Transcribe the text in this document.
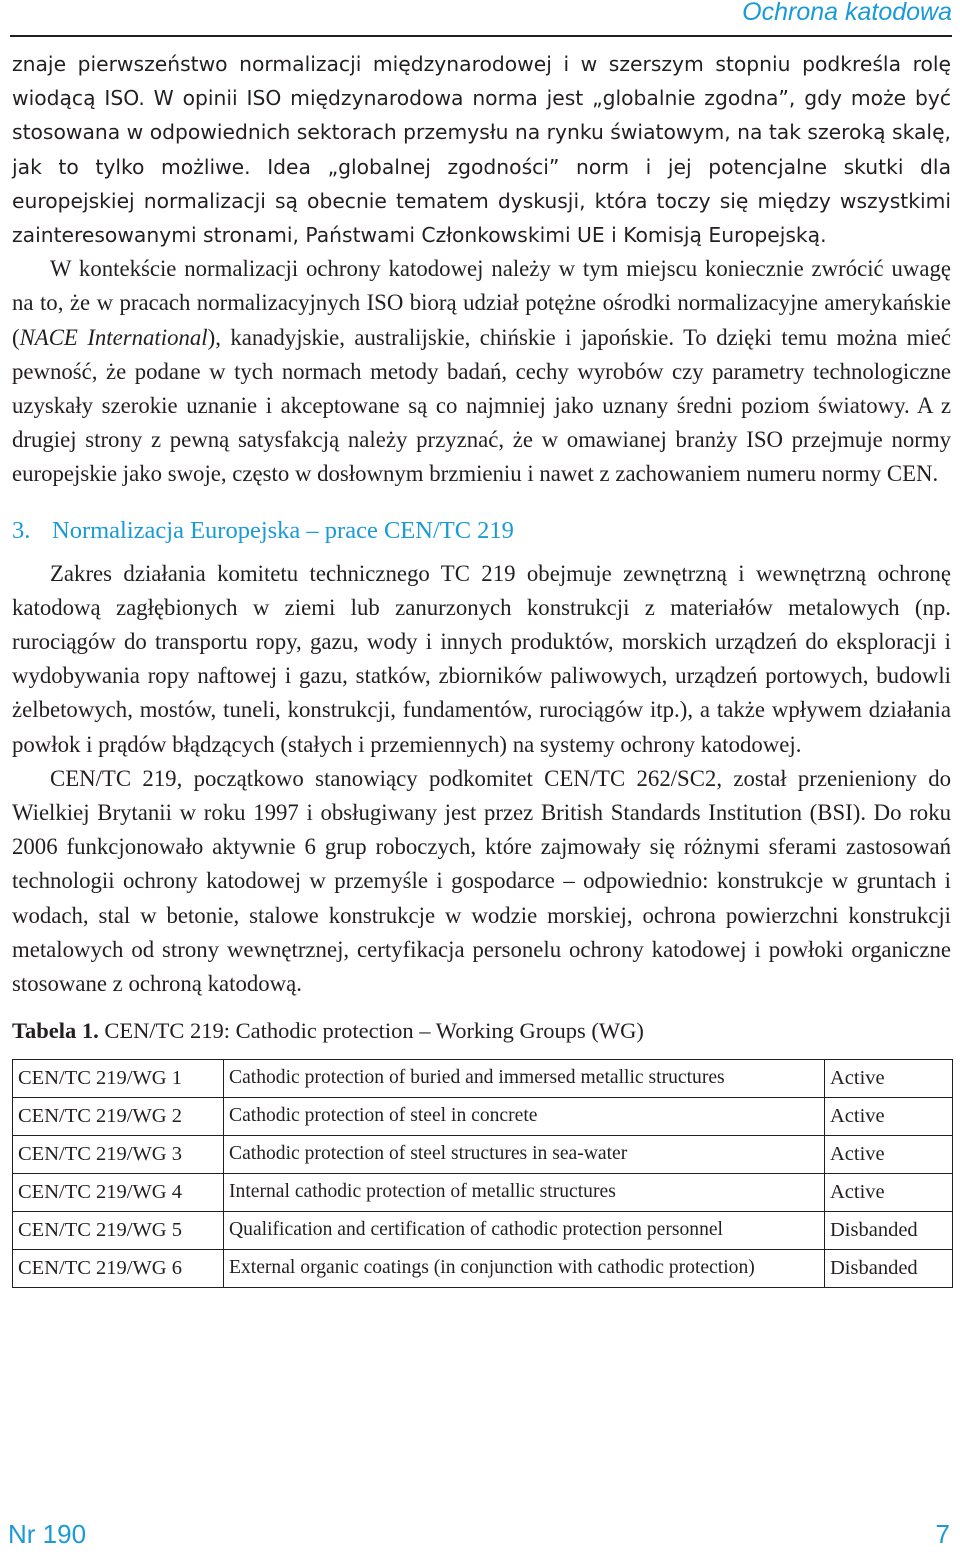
Ochrona katodowa

znaje pierwszeństwo normalizacji międzynarodowej i w szerszym stopniu podkreśla rolę wiodącą ISO. W opinii ISO międzynarodowa norma jest „globalnie zgodna”, gdy może być stosowana w odpowiednich sektorach przemysłu na rynku światowym, na tak szeroką skalę, jak to tylko możliwe. Idea „globalnej zgodności” norm i jej potencjalne skutki dla europejskiej normalizacji są obecnie tematem dyskusji, która toczy się między wszystkimi zainteresowanymi stronami, Państwami Członkowskimi UE i Komisją Europejską.

W kontekście normalizacji ochrony katodowej należy w tym miejscu koniecznie zwrócić uwagę na to, że w pracach normalizacyjnych ISO biorą udział potężne ośrodki normalizacyjne amerykańskie (NACE International), kanadyjskie, australijskie, chińskie i japońskie. To dzięki temu można mieć pewność, że podane w tych normach metody badań, cechy wyrobów czy parametry technologiczne uzyskały szerokie uznanie i akceptowane są co najmniej jako uznany średni poziom światowy. A z drugiej strony z pewną satysfakcją należy przyznać, że w omawianej branży ISO przejmuje normy europejskie jako swoje, często w dosłownym brzmieniu i nawet z zachowaniem numeru normy CEN.

3. Normalizacja Europejska – prace CEN/TC 219

Zakres działania komitetu technicznego TC 219 obejmuje zewnętrzną i wewnętrzną ochronę katodową zagłębionych w ziemi lub zanurzonych konstrukcji z materiałów metalowych (np. rurociągów do transportu ropy, gazu, wody i innych produktów, morskich urządzeń do eksploracji i wydobywania ropy naftowej i gazu, statków, zbiorników paliwowych, urządzeń portowych, budowli żelbetowych, mostów, tuneli, konstrukcji, fundamentów, rurociągów itp.), a także wpływem działania powłok i prądów błądzących (stałych i przemiennych) na systemy ochrony katodowej.

CEN/TC 219, początkowo stanowiący podkomitet CEN/TC 262/SC2, został przenieniony do Wielkiej Brytanii w roku 1997 i obsługiwany jest przez British Standards Institution (BSI). Do roku 2006 funkcjonowało aktywnie 6 grup roboczych, które zajmowały się różnymi sferami zastosowań technologii ochrony katodowej w przemyśle i gospodarce – odpowiednio: konstrukcje w gruntach i wodach, stal w betonie, stalowe konstrukcje w wodzie morskiej, ochrona powierzchni konstrukcji metalowych od strony wewnętrznej, certyfikacja personelu ochrony katodowej i powłoki organiczne stosowane z ochroną katodową.

Tabela 1. CEN/TC 219: Cathodic protection – Working Groups (WG)
CEN/TC 219/WG 1	Cathodic protection of buried and immersed metallic structures	Active
CEN/TC 219/WG 2	Cathodic protection of steel in concrete	Active
CEN/TC 219/WG 3	Cathodic protection of steel structures in sea-water	Active
CEN/TC 219/WG 4	Internal cathodic protection of metallic structures	Active
CEN/TC 219/WG 5	Qualification and certification of cathodic protection personnel	Disbanded
CEN/TC 219/WG 6	External organic coatings (in conjunction with cathodic protection)	Disbanded
Nr 190	7
